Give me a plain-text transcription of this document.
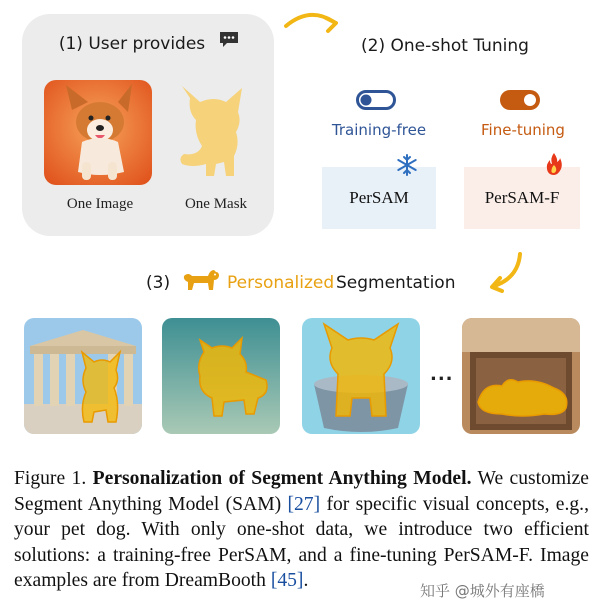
(1) User provides
One Image	One Mask
(2) One-shot Tuning
Training-free	Fine-tuning
PerSAM	PerSAM-F
(3)	Personalized Segmentation
...

Figure 1. Personalization of Segment Anything Model. We customize Segment Anything Model (SAM) [27] for specific visual concepts, e.g., your pet dog. With only one-shot data, we introduce two efficient solutions: a training-free PerSAM, and a fine-tuning PerSAM-F. Image examples are from DreamBooth [45].	知乎 @城外有座橋
